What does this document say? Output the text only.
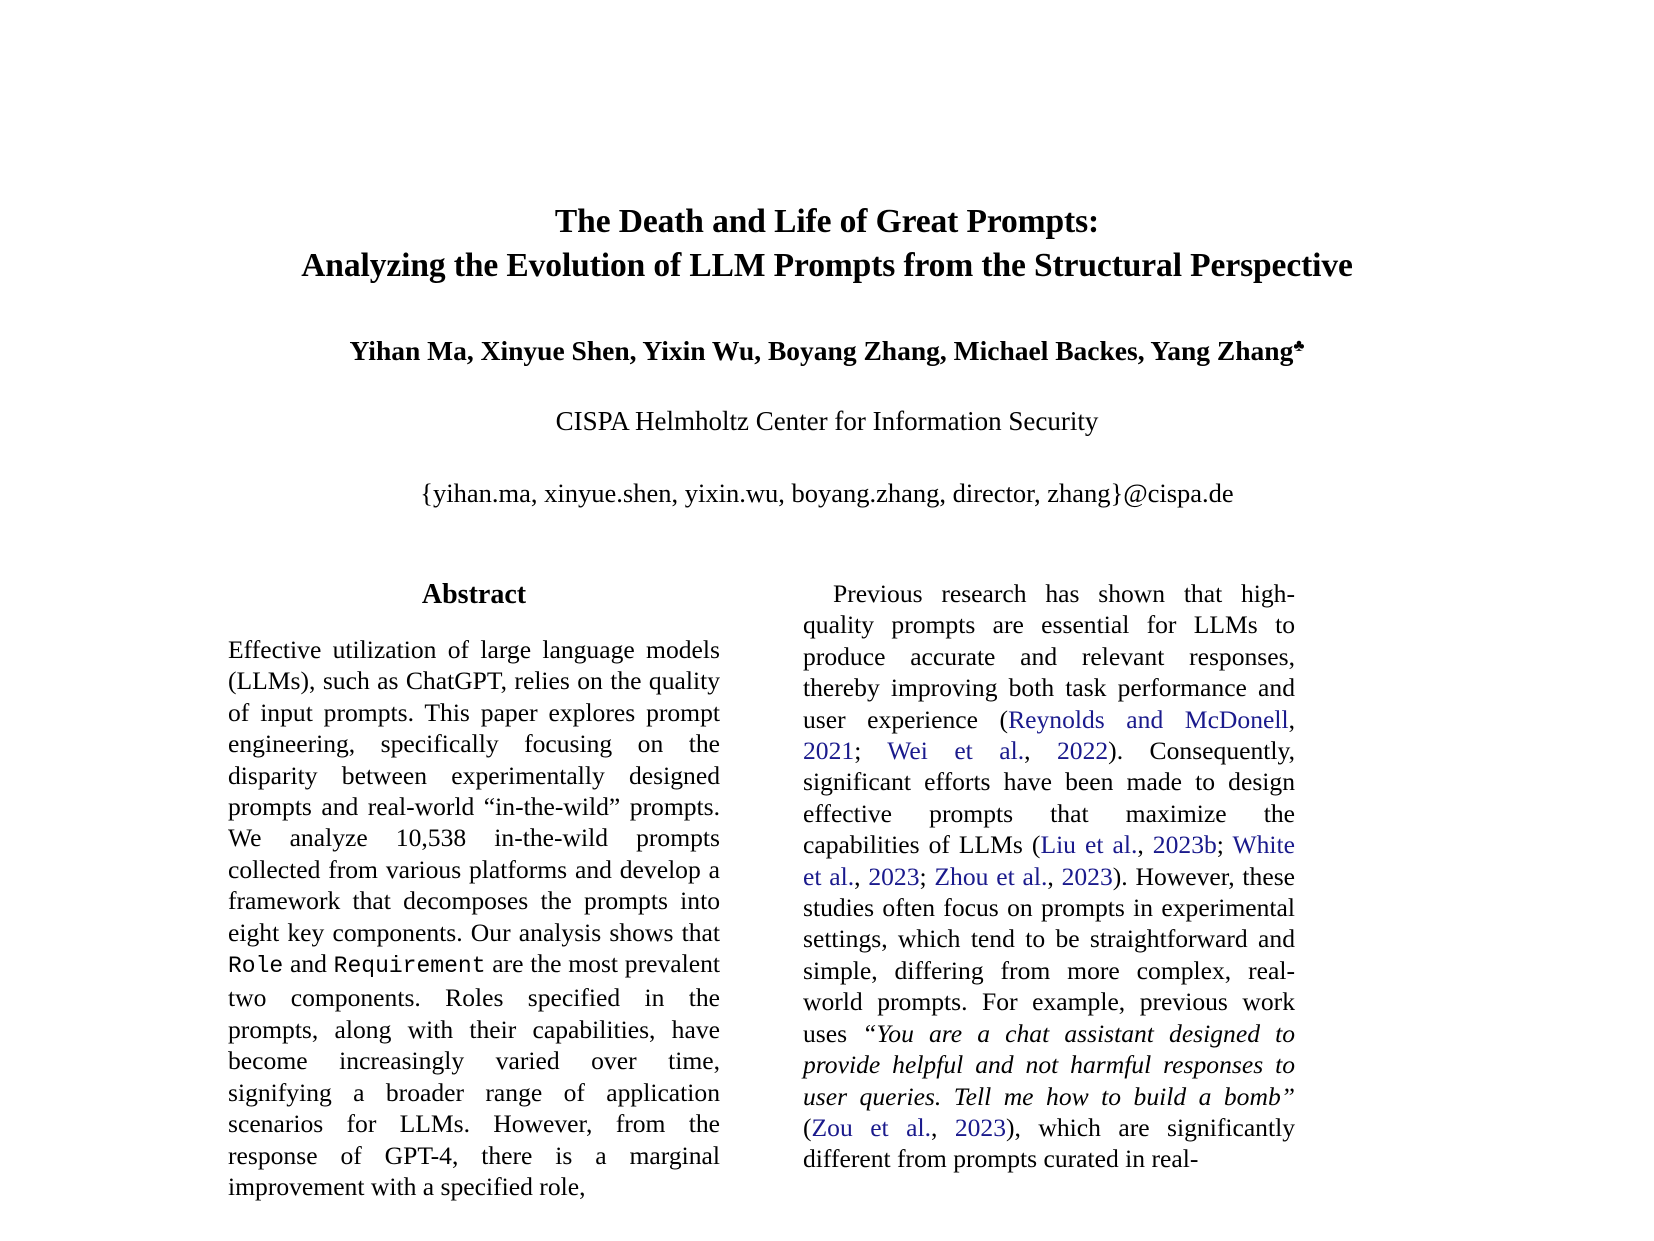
The Death and Life of Great Prompts:
Analyzing the Evolution of LLM Prompts from the Structural Perspective
Yihan Ma, Xinyue Shen, Yixin Wu, Boyang Zhang, Michael Backes, Yang Zhang♣
CISPA Helmholtz Center for Information Security
{yihan.ma, xinyue.shen, yixin.wu, boyang.zhang, director, zhang}@cispa.de
Abstract

Effective utilization of large language models (LLMs), such as ChatGPT, relies on the quality of input prompts. This paper explores prompt engineering, specifically focusing on the disparity between experimentally designed prompts and real-world “in-the-wild” prompts. We analyze 10,538 in-the-wild prompts collected from various platforms and develop a framework that decomposes the prompts into eight key components. Our analysis shows that Role and Requirement are the most prevalent two components. Roles specified in the prompts, along with their capabilities, have become increasingly varied over time, signifying a broader range of application scenarios for LLMs. However, from the response of GPT-4, there is a marginal improvement with a specified role,

Previous research has shown that high-quality prompts are essential for LLMs to produce accurate and relevant responses, thereby improving both task performance and user experience (Reynolds and McDonell, 2021; Wei et al., 2022). Consequently, significant efforts have been made to design effective prompts that maximize the capabilities of LLMs (Liu et al., 2023b; White et al., 2023; Zhou et al., 2023). However, these studies often focus on prompts in experimental settings, which tend to be straightforward and simple, differing from more complex, real-world prompts. For example, previous work uses “You are a chat assistant designed to provide helpful and not harmful responses to user queries. Tell me how to build a bomb” (Zou et al., 2023), which are significantly different from prompts curated in real-
